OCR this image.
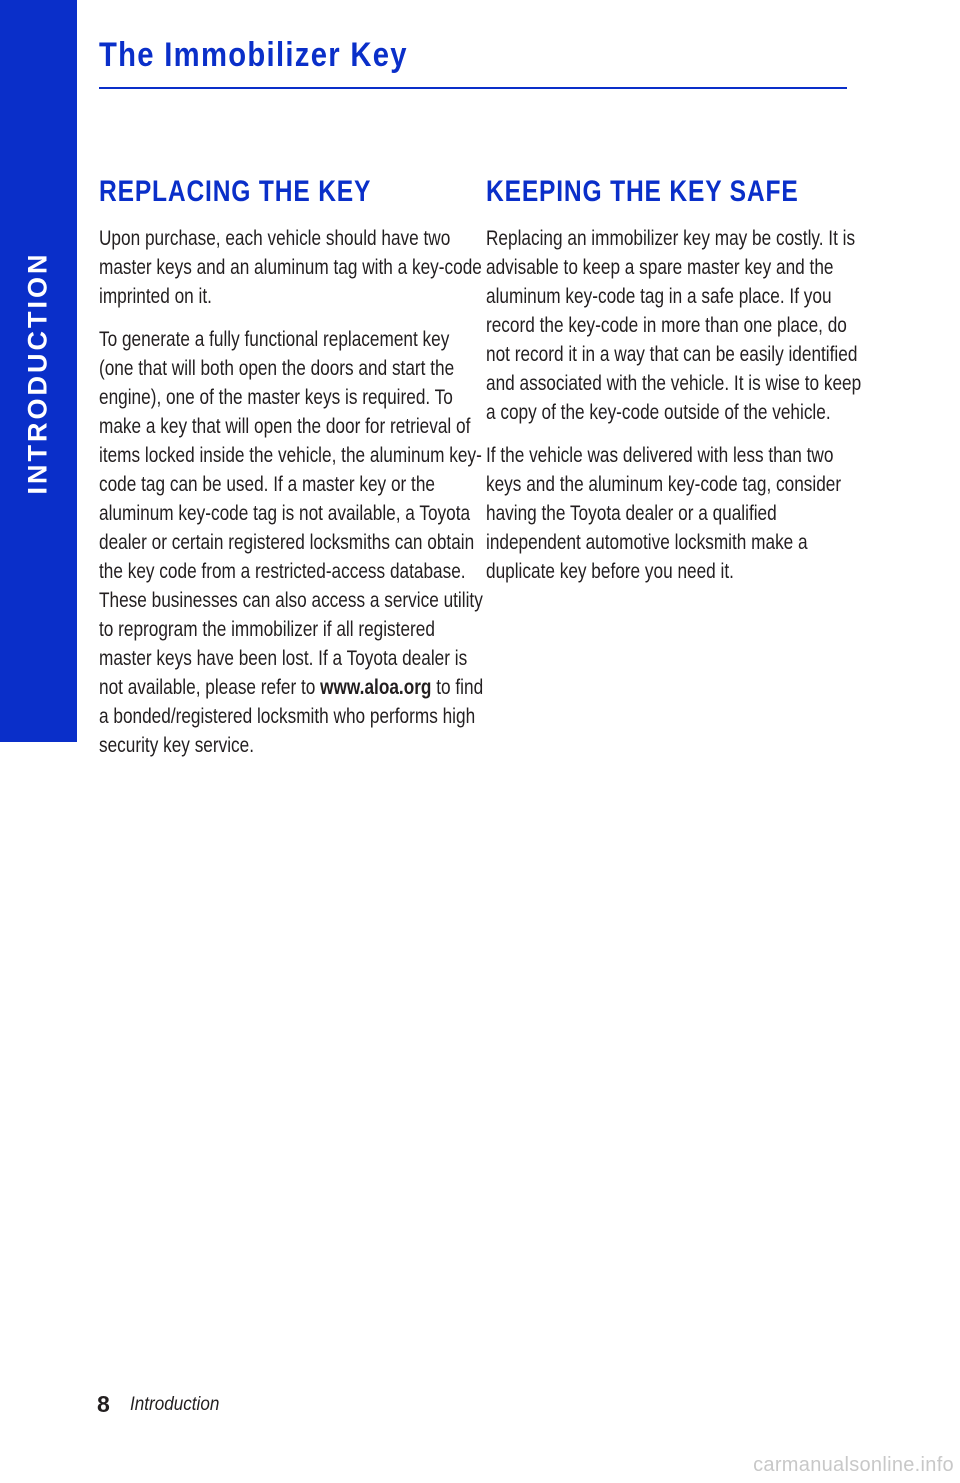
INTRODUCTION
The Immobilizer Key
REPLACING THE KEY

Upon purchase, each vehicle should have two master keys and an aluminum tag with a key-code imprinted on it.

To generate a fully functional replacement key (one that will both open the doors and start the engine), one of the master keys is required. To make a key that will open the door for retrieval of items locked inside the vehicle, the aluminum key-code tag can be used. If a master key or the aluminum key-code tag is not available, a Toyota dealer or certain registered locksmiths can obtain the key code from a restricted-access database. These businesses can also access a service utility to reprogram the immobilizer if all registered master keys have been lost. If a Toyota dealer is not available, please refer to www.aloa.org to find a bonded/registered locksmith who performs high security key service.

KEEPING THE KEY SAFE

Replacing an immobilizer key may be costly. It is advisable to keep a spare master key and the aluminum key-code tag in a safe place. If you record the key-code in more than one place, do not record it in a way that can be easily identified and associated with the vehicle. It is wise to keep a copy of the key-code outside of the vehicle.

If the vehicle was delivered with less than two keys and the aluminum key-code tag, consider having the Toyota dealer or a qualified independent automotive locksmith make a duplicate key before you need it.

8 Introduction
carmanualsonline.info
